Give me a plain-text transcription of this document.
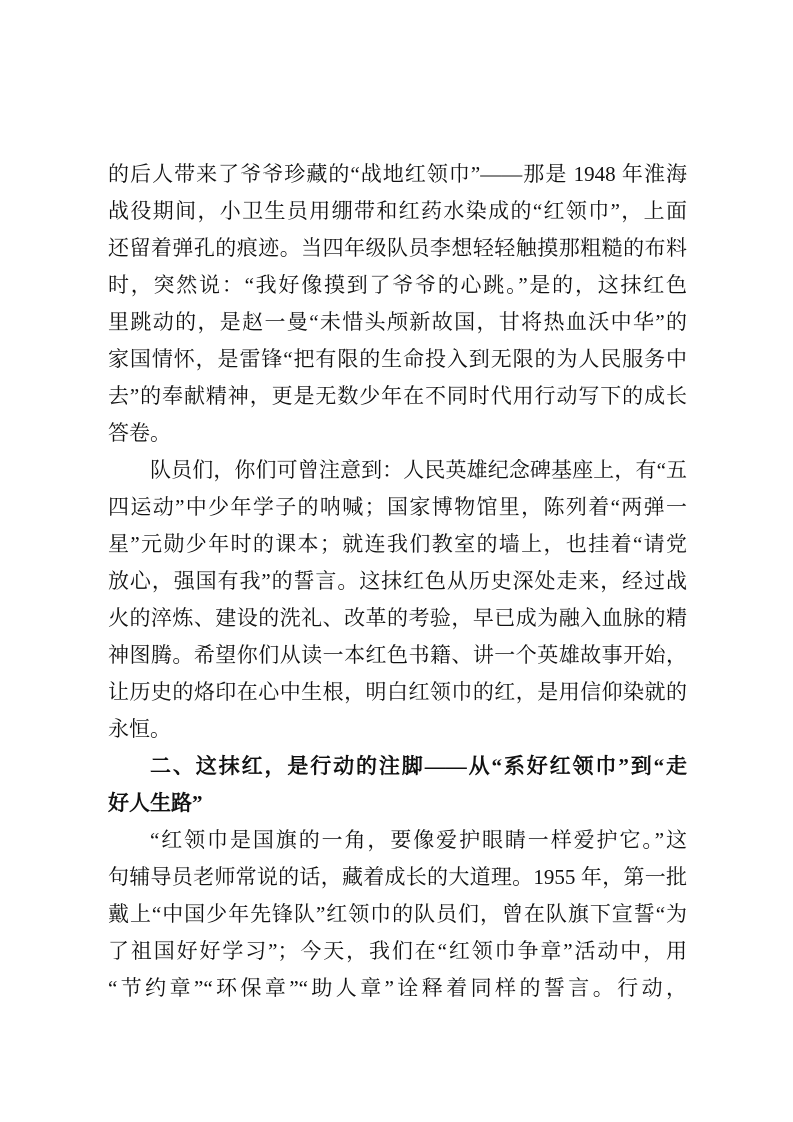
的后人带来了爷爷珍藏的“战地红领巾”——那是 1948 年淮海
战役期间，小卫生员用绷带和红药水染成的“红领巾”，上面
还留着弹孔的痕迹。当四年级队员李想轻轻触摸那粗糙的布料
时，突然说：“我好像摸到了爷爷的心跳。”是的，这抹红色
里跳动的，是赵一曼“未惜头颅新故国，甘将热血沃中华”的
家国情怀，是雷锋“把有限的生命投入到无限的为人民服务中
去”的奉献精神，更是无数少年在不同时代用行动写下的成长
答卷。
队员们，你们可曾注意到：人民英雄纪念碑基座上，有“五
四运动”中少年学子的呐喊；国家博物馆里，陈列着“两弹一
星”元勋少年时的课本；就连我们教室的墙上，也挂着“请党
放心，强国有我”的誓言。这抹红色从历史深处走来，经过战
火的淬炼、建设的洗礼、改革的考验，早已成为融入血脉的精
神图腾。希望你们从读一本红色书籍、讲一个英雄故事开始，
让历史的烙印在心中生根，明白红领巾的红，是用信仰染就的
永恒。
二、这抹红，是行动的注脚——从“系好红领巾”到“走
好人生路”
“红领巾是国旗的一角，要像爱护眼睛一样爱护它。”这
句辅导员老师常说的话，藏着成长的大道理。1955 年，第一批
戴上“中国少年先锋队”红领巾的队员们，曾在队旗下宣誓“为
了祖国好好学习”；今天，我们在“红领巾争章”活动中，用
“节约章”“环保章”“助人章”诠释着同样的誓言。行动，
